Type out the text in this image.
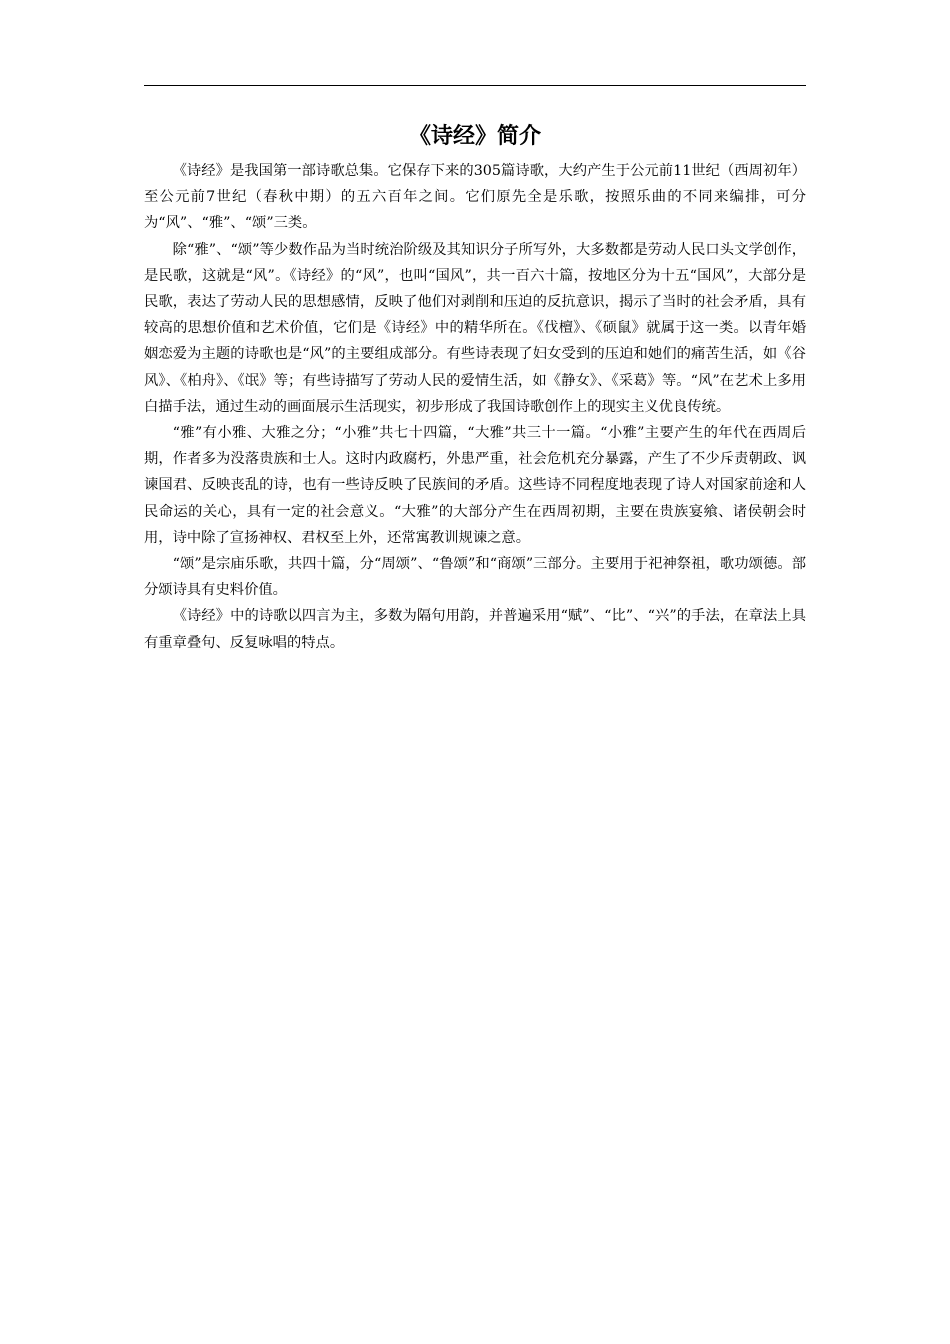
《诗经》简介

《诗经》是我国第一部诗歌总集。它保存下来的305篇诗歌，大约产生于公元前11世纪（西周初年）至公元前7世纪（春秋中期）的五六百年之间。它们原先全是乐歌，按照乐曲的不同来编排，可分为“风”、“雅”、“颂”三类。

除“雅”、“颂”等少数作品为当时统治阶级及其知识分子所写外，大多数都是劳动人民口头文学创作，是民歌，这就是“风”。《诗经》的“风”，也叫“国风”，共一百六十篇，按地区分为十五“国风”，大部分是民歌，表达了劳动人民的思想感情，反映了他们对剥削和压迫的反抗意识，揭示了当时的社会矛盾，具有较高的思想价值和艺术价值，它们是《诗经》中的精华所在。《伐檀》、《硕鼠》就属于这一类。以青年婚姻恋爱为主题的诗歌也是“风”的主要组成部分。有些诗表现了妇女受到的压迫和她们的痛苦生活，如《谷风》、《柏舟》、《氓》等；有些诗描写了劳动人民的爱情生活，如《静女》、《采葛》等。“风”在艺术上多用白描手法，通过生动的画面展示生活现实，初步形成了我国诗歌创作上的现实主义优良传统。

“雅”有小雅、大雅之分；“小雅”共七十四篇，“大雅”共三十一篇。“小雅”主要产生的年代在西周后期，作者多为没落贵族和士人。这时内政腐朽，外患严重，社会危机充分暴露，产生了不少斥责朝政、讽谏国君、反映丧乱的诗，也有一些诗反映了民族间的矛盾。这些诗不同程度地表现了诗人对国家前途和人民命运的关心，具有一定的社会意义。“大雅”的大部分产生在西周初期，主要在贵族宴飨、诸侯朝会时用，诗中除了宣扬神权、君权至上外，还常寓教训规谏之意。

“颂”是宗庙乐歌，共四十篇，分“周颂”、“鲁颂”和“商颂”三部分。主要用于祀神祭祖，歌功颂德。部分颂诗具有史料价值。

《诗经》中的诗歌以四言为主，多数为隔句用韵，并普遍采用“赋”、“比”、“兴”的手法，在章法上具有重章叠句、反复咏唱的特点。
